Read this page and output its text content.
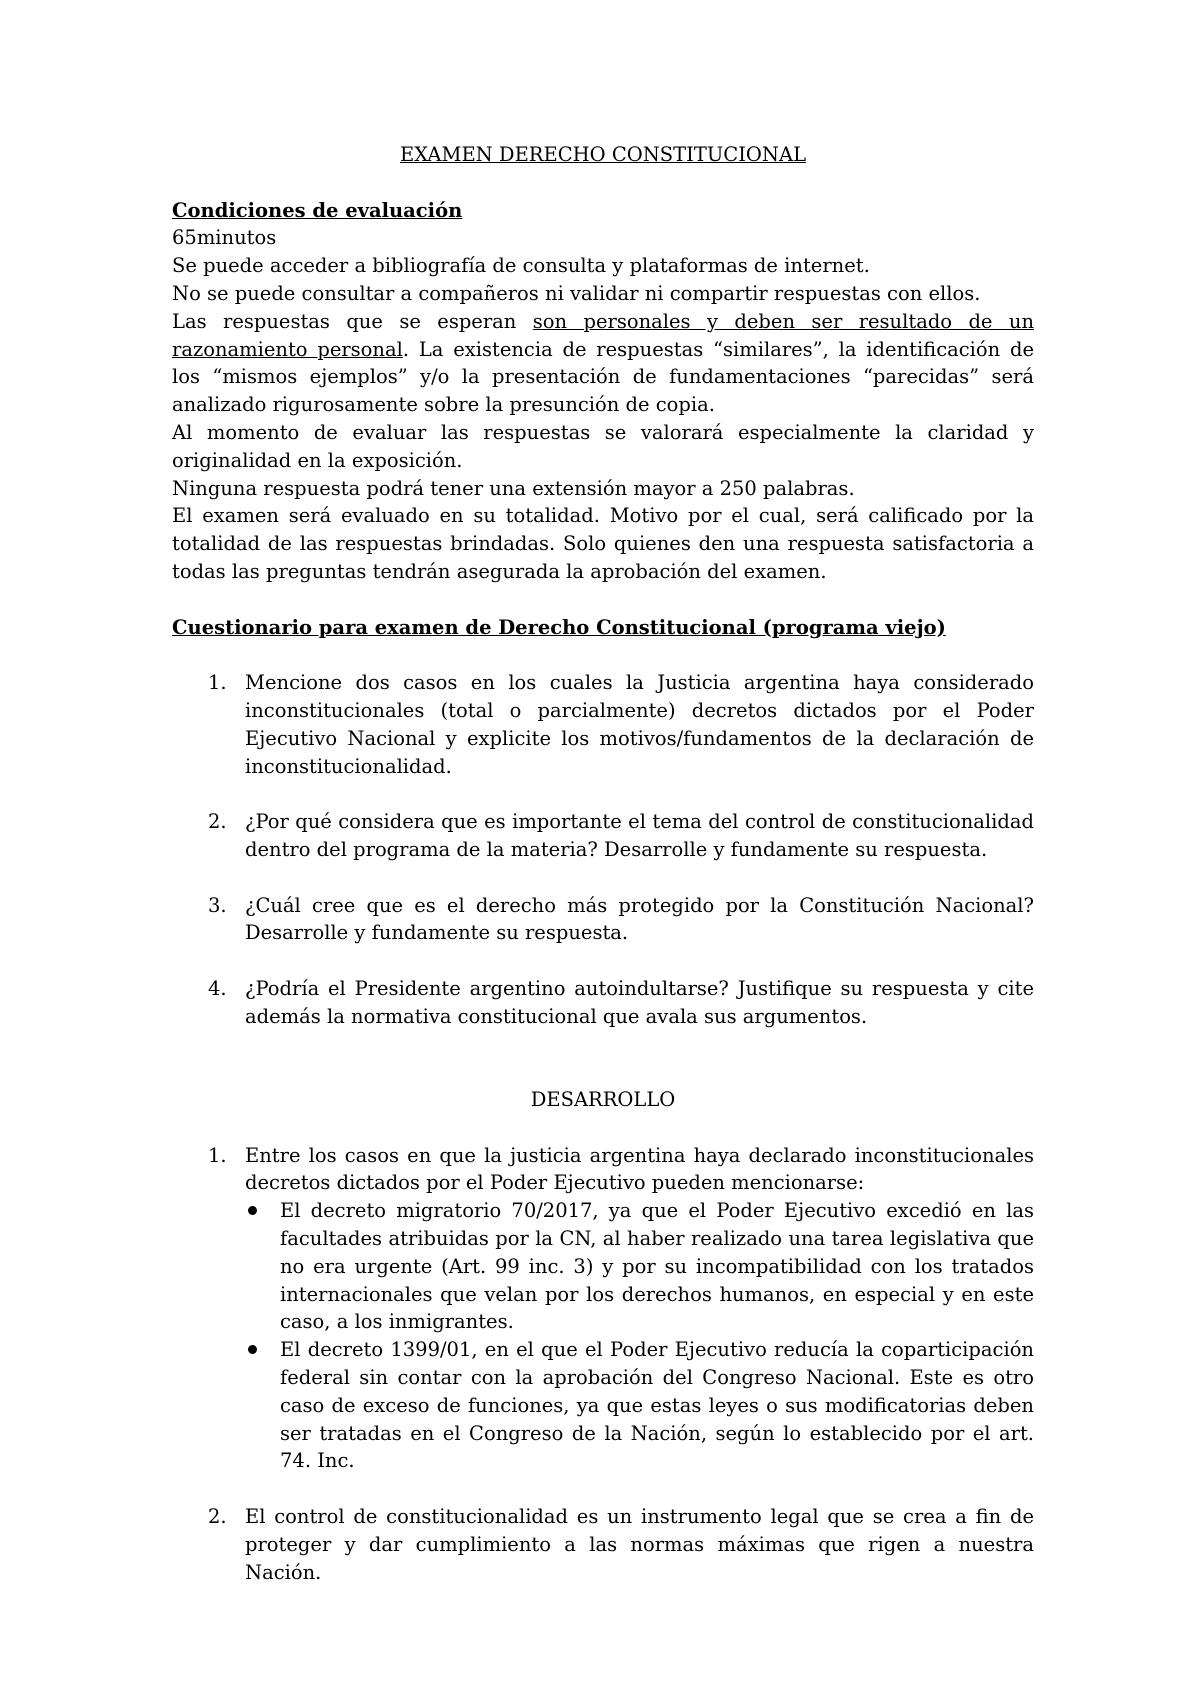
EXAMEN DERECHO CONSTITUCIONAL

Condiciones de evaluación

65minutos

Se puede acceder a bibliografía de consulta y plataformas de internet.

No se puede consultar a compañeros ni validar ni compartir respuestas con ellos.

Las respuestas que se esperan son personales y deben ser resultado de un razonamiento personal. La existencia de respuestas “similares”, la identificación de los “mismos ejemplos” y/o la presentación de fundamentaciones “parecidas” será analizado rigurosamente sobre la presunción de copia.

Al momento de evaluar las respuestas se valorará especialmente la claridad y originalidad en la exposición.

Ninguna respuesta podrá tener una extensión mayor a 250 palabras.

El examen será evaluado en su totalidad. Motivo por el cual, será calificado por la totalidad de las respuestas brindadas. Solo quienes den una respuesta satisfactoria a todas las preguntas tendrán asegurada la aprobación del examen.

Cuestionario para examen de Derecho Constitucional (programa viejo)

1. Mencione dos casos en los cuales la Justicia argentina haya considerado inconstitucionales (total o parcialmente) decretos dictados por el Poder Ejecutivo Nacional y explicite los motivos/fundamentos de la declaración de inconstitucionalidad.
2. ¿Por qué considera que es importante el tema del control de constitucionalidad dentro del programa de la materia? Desarrolle y fundamente su respuesta.
3. ¿Cuál cree que es el derecho más protegido por la Constitución Nacional? Desarrolle y fundamente su respuesta.
4. ¿Podría el Presidente argentino autoindultarse? Justifique su respuesta y cite además la normativa constitucional que avala sus argumentos.

DESARROLLO

1. Entre los casos en que la justicia argentina haya declarado inconstitucionales decretos dictados por el Poder Ejecutivo pueden mencionarse:
El decreto migratorio 70/2017, ya que el Poder Ejecutivo excedió en las facultades atribuidas por la CN, al haber realizado una tarea legislativa que no era urgente (Art. 99 inc. 3) y por su incompatibilidad con los tratados internacionales que velan por los derechos humanos, en especial y en este caso, a los inmigrantes.
El decreto 1399/01, en el que el Poder Ejecutivo reducía la coparticipación federal sin contar con la aprobación del Congreso Nacional. Este es otro caso de exceso de funciones, ya que estas leyes o sus modificatorias deben ser tratadas en el Congreso de la Nación, según lo establecido por el art. 74. Inc.
2. El control de constitucionalidad es un instrumento legal que se crea a fin de proteger y dar cumplimiento a las normas máximas que rigen a nuestra Nación.
